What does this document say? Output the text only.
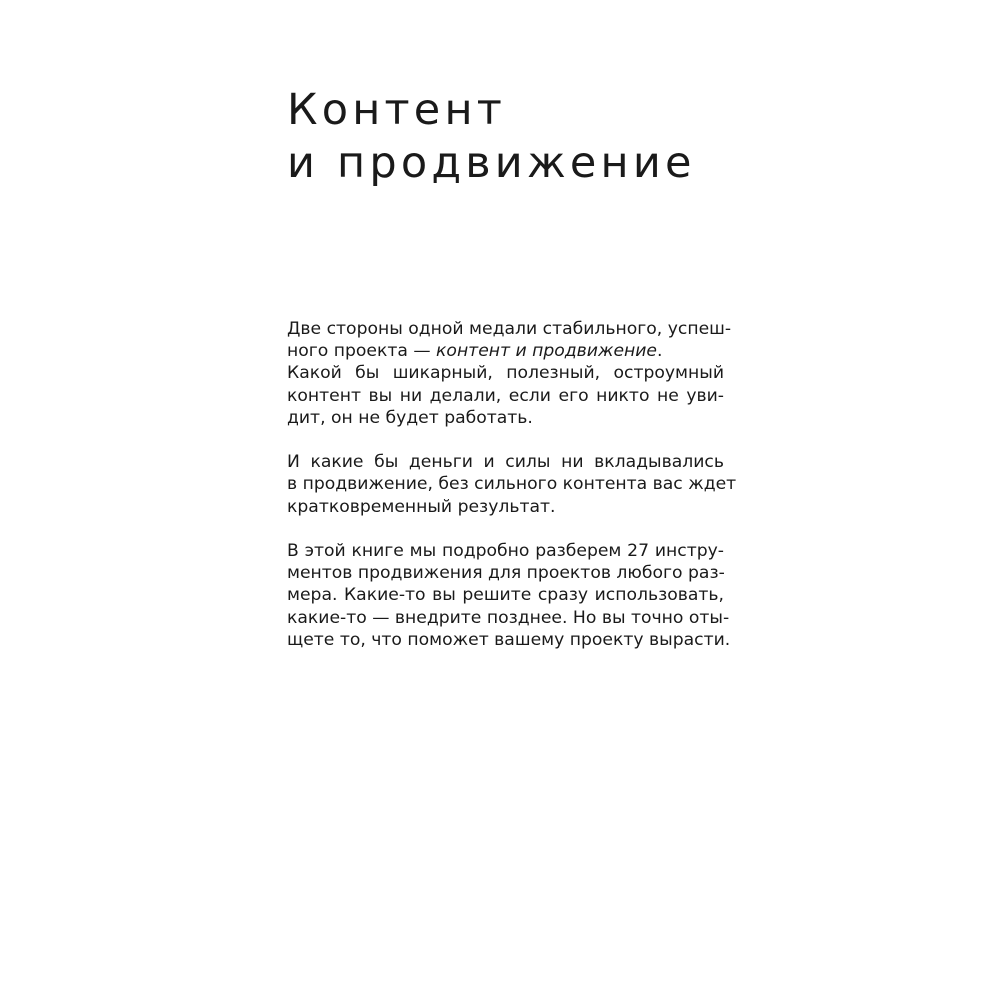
Контент
и продвижение

Две стороны одной медали стабильного, успеш-
ного проекта — контент и продвижение.
Какой бы шикарный, полезный, остроумный
контент вы ни делали, если его никто не уви-
дит, он не будет работать.

И какие бы деньги и силы ни вкладывались
в продвижение, без сильного контента вас ждет
кратковременный результат.

В этой книге мы подробно разберем 27 инстру-
ментов продвижения для проектов любого раз-
мера. Какие-то вы решите сразу использовать,
какие-то — внедрите позднее. Но вы точно оты-
щете то, что поможет вашему проекту вырасти.
